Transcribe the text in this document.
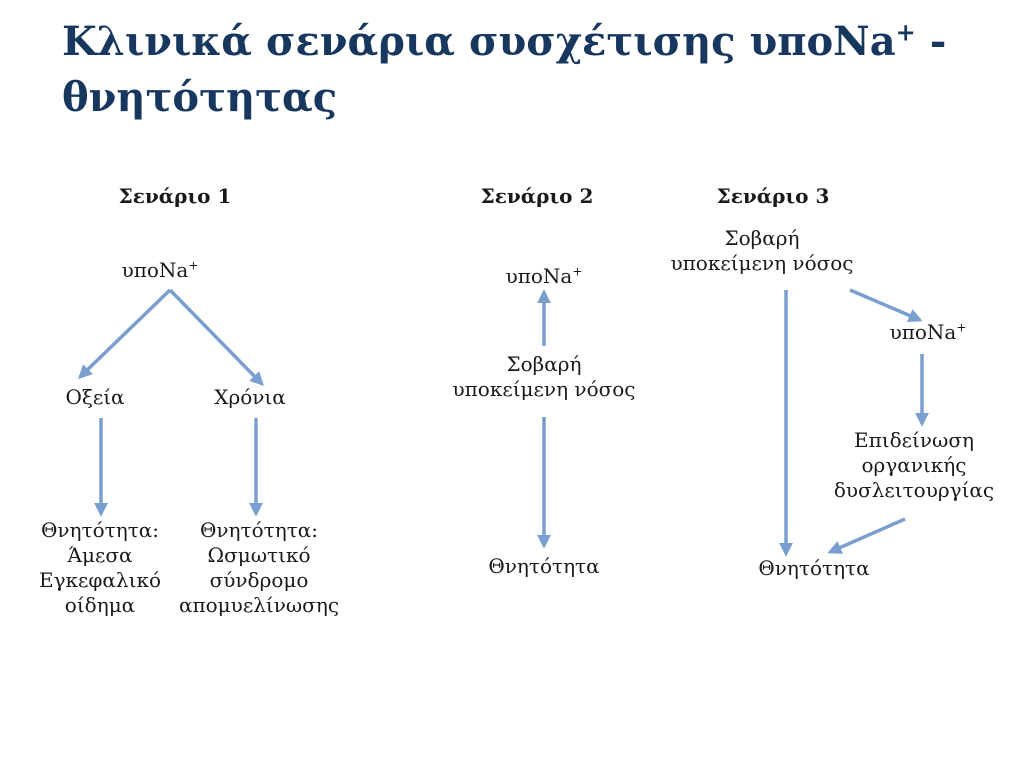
Κλινικά σενάρια συσχέτισης υποNa+ -
θνητότητας
Σενάριο 1
υποNa+
Οξεία	Χρόνια
Θνητότητα:
Άμεσα
Εγκεφαλικό
οίδημα
Θνητότητα:
Ωσμωτικό
σύνδρομο
απομυελίνωσης
Σενάριο 2
υποNa+
Σοβαρή
υποκείμενη νόσος
Θνητότητα
Σενάριο 3
Σοβαρή
υποκείμενη νόσος
υποNa+
Επιδείνωση
οργανικής
δυσλειτουργίας
Θνητότητα
